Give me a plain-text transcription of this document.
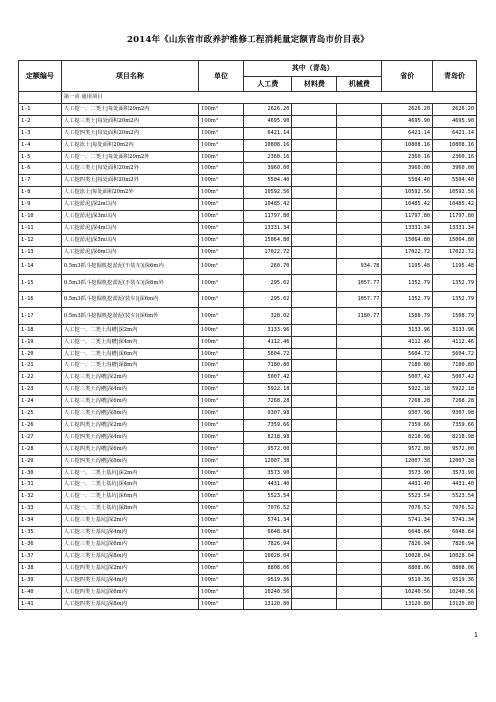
2014年《山东省市政养护维修工程消耗量定额青岛市价目表》
定额编号	项目名称	单位	其中（青岛）			省价	青岛价
			人工费	材料费	机械费		
	第一章 通用项目						
1-1	人工挖一、二类土|每处面积20m2内	100m³	2626.20			2626.20	2626.20
1-2	人工挖三类土|每处面积20m2内	100m³	4695.90			4695.90	4695.90
1-3	人工挖四类土|每处面积20m2内	100m³	6421.14			6421.14	6421.14
1-4	人工挖冻土|每处面积20m2内	100m³	10808.16			10808.16	10808.16
1-5	人工挖一、二类土|每处面积20m2外	100m³	2360.16			2360.16	2360.16
1-6	人工挖三类土|每处面积20m2外	100m³	3960.00			3960.00	3960.00
1-7	人工挖四类土|每处面积20m2外	100m³	5504.40			5504.40	5504.40
1-8	人工挖冻土|每处面积20m2外	100m³	10592.56			10592.56	10592.56
1-9	人工挖淤泥|深2m以内	100m³	10485.42			10485.42	10485.42
1-10	人工挖淤泥|深3m以内	100m³	11797.80			11797.80	11797.80
1-11	人工挖淤泥|深4m以内	100m³	13331.34			13331.34	13331.34
1-12	人工挖淤泥|深5m以内	100m³	15064.80			15064.80	15064.80
1-13	人工挖淤泥|深6m以内	100m³	17022.72			17022.72	17022.72
1-14	0.5m3抓斗挖掘机挖淤泥(不装车)|深6m内	100m³	260.70		934.78	1195.48	1195.48
1-15	0.5m3抓斗挖掘机挖淤泥(不装车)|深6m外	100m³	295.02		1057.77	1352.79	1352.79
1-16	0.5m3抓斗挖掘机挖淤泥(装车)|深6m内	100m³	295.02		1057.77	1352.79	1352.79
1-17	0.5m3抓斗挖掘机挖淤泥(装车)|深6m外	100m³	328.02		1180.77	1508.79	1508.79
1-18	人工挖一、二类土沟槽|深2m内	100m³	3133.96			3133.96	3133.96
1-19	人工挖一、二类土沟槽|深4m内	100m³	4112.46			4112.46	4112.46
1-20	人工挖一、二类土沟槽|深6m内	100m³	5604.72			5604.72	5604.72
1-21	人工挖一、二类土沟槽|深8m内	100m³	7180.80			7180.80	7180.80
1-22	人工挖三类土沟槽|深2m内	100m³	5007.42			5007.42	5007.42
1-23	人工挖三类土沟槽|深4m内	100m³	5922.18			5922.18	5922.18
1-24	人工挖三类土沟槽|深6m内	100m³	7268.28			7268.28	7268.28
1-25	人工挖三类土沟槽|深8m内	100m³	9307.98			9307.98	9307.98
1-26	人工挖四类土沟槽|深2m内	100m³	7359.66			7359.66	7359.66
1-27	人工挖四类土沟槽|深4m内	100m³	8218.98			8218.98	8218.98
1-28	人工挖四类土沟槽|深6m内	100m³	9572.00			9572.00	9572.00
1-29	人工挖四类土沟槽|深8m内	100m³	12007.38			12007.38	12007.38
1-30	人工挖一、二类土基坑|深2m内	100m³	3573.90			3573.90	3573.90
1-31	人工挖一、二类土基坑|深4m内	100m³	4431.40			4431.40	4431.40
1-32	人工挖一、二类土基坑|深6m内	100m³	5523.54			5523.54	5523.54
1-33	人工挖一、二类土基坑|深8m内	100m³	7076.52			7076.52	7076.52
1-34	人工挖三类土基坑|深2m内	100m³	5741.34			5741.34	5741.34
1-35	人工挖三类土基坑|深4m内	100m³	6648.84			6648.84	6648.84
1-36	人工挖三类土基坑|深6m内	100m³	7826.94			7826.94	7826.94
1-37	人工挖三类土基坑|深8m内	100m³	10028.04			10028.04	10028.04
1-38	人工挖四类土基坑|深2m内	100m³	8808.06			8808.06	8808.06
1-39	人工挖四类土基坑|深4m内	100m³	9519.36			9519.36	9519.36
1-40	人工挖四类土基坑|深6m内	100m³	10240.56			10240.56	10240.56
1-41	人工挖四类土基坑|深8m内	100m³	13120.80			13120.80	13120.80
1
